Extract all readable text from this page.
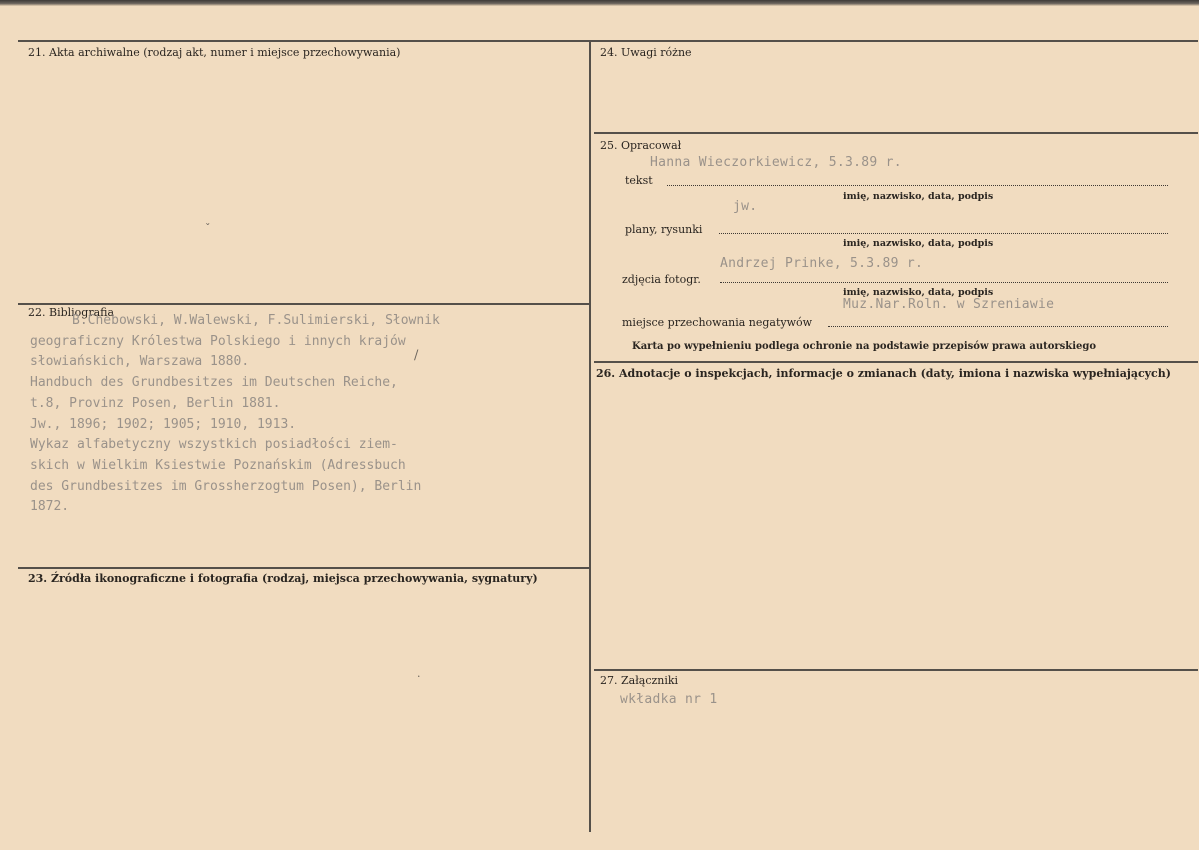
21. Akta archiwalne (rodzaj akt, numer i miejsce przechowywania)
ˇ
22. Bibliografia
B.Chebowski, W.Walewski, F.Sulimierski, Słownik
geograficzny Królestwa Polskiego i innych krajów
słowiańskich, Warszawa 1880.
Handbuch des Grundbesitzes im Deutschen Reiche,
t.8, Provinz Posen, Berlin 1881.
Jw., 1896; 1902; 1905; 1910, 1913.
Wykaz alfabetyczny wszystkich posiadłości ziem-
skich w Wielkim Ksiestwie Poznańskim (Adressbuch
des Grundbesitzes im Grossherzogtum Posen), Berlin
1872.
/
23. Źródła ikonograficzne i fotografia (rodzaj, miejsca przechowywania, sygnatury)
·
24. Uwagi różne
25. Opracował
Hanna Wieczorkiewicz, 5.3.89 r.
tekst
imię, nazwisko, data, podpis
jw.
plany, rysunki
imię, nazwisko, data, podpis
Andrzej Prinke, 5.3.89 r.
zdjęcia fotogr.
imię, nazwisko, data, podpis
Muz.Nar.Roln. w Szreniawie
miejsce przechowania negatywów
Karta po wypełnieniu podlega ochronie na podstawie przepisów prawa autorskiego
26. Adnotacje o inspekcjach, informacje o zmianach (daty, imiona i nazwiska wypełniających)
27. Załączniki
wkładka nr 1
